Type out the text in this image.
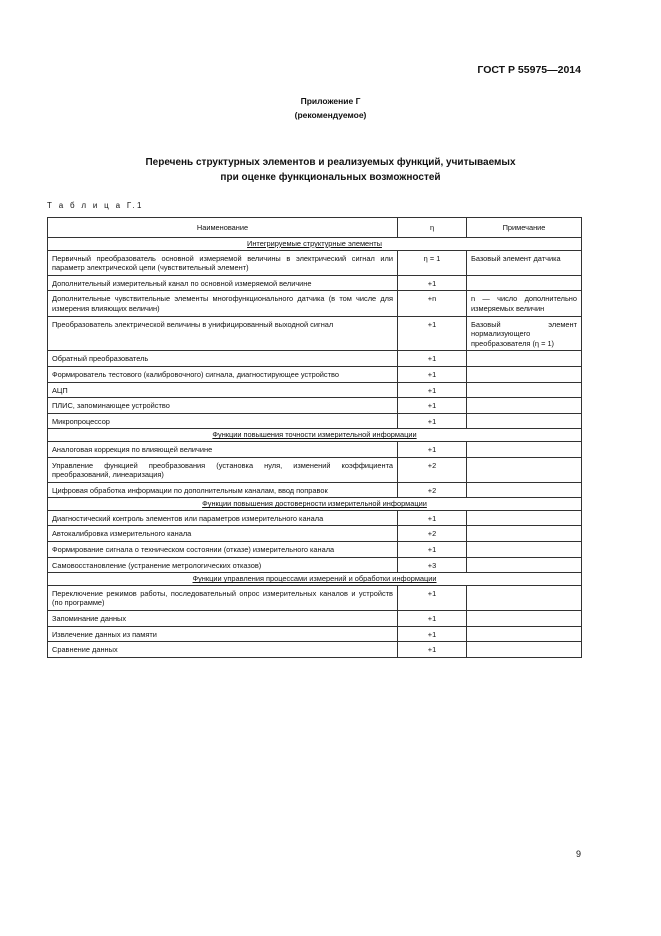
ГОСТ Р 55975—2014
Приложение Г
(рекомендуемое)
Перечень структурных элементов и реализуемых функций, учитываемых
при оценке функциональных возможностей
Т а б л и ц а Г.1
Наименование	η	Примечание
Интегрируемые структурные элементы		
Первичный преобразователь основной измеряемой величины в электрический сигнал или параметр электрической цепи (чувствительный элемент)	η = 1	Базовый элемент датчика
Дополнительный измерительный канал по основной измеряемой величине	+1	
Дополнительные чувствительные элементы многофункционального датчика (в том числе для измерения влияющих величин)	+n	n — число дополнительно измеряемых величин
Преобразователь электрической величины в унифицированный выходной сигнал	+1	Базовый элемент нормализующего преобразователя (η = 1)
Обратный преобразователь	+1	
Формирователь тестового (калибровочного) сигнала, диагностирующее устройство	+1	
АЦП	+1	
ПЛИС, запоминающее устройство	+1	
Микропроцессор	+1	
Функции повышения точности измерительной информации		
Аналоговая коррекция по влияющей величине	+1	
Управление функцией преобразования (установка нуля, изменений коэффициента преобразований, линеаризация)	+2	
Цифровая обработка информации по дополнительным каналам, ввод поправок	+2	
Функции повышения достоверности измерительной информации		
Диагностический контроль элементов или параметров измерительного канала	+1	
Автокалибровка измерительного канала	+2	
Формирование сигнала о техническом состоянии (отказе) измерительного канала	+1	
Самовосстановление (устранение метрологических отказов)	+3	
Функции управления процессами измерений и обработки информации		
Переключение режимов работы, последовательный опрос измерительных каналов и устройств (по программе)	+1	
Запоминание данных	+1	
Извлечение данных из памяти	+1	
Сравнение данных	+1	
9
